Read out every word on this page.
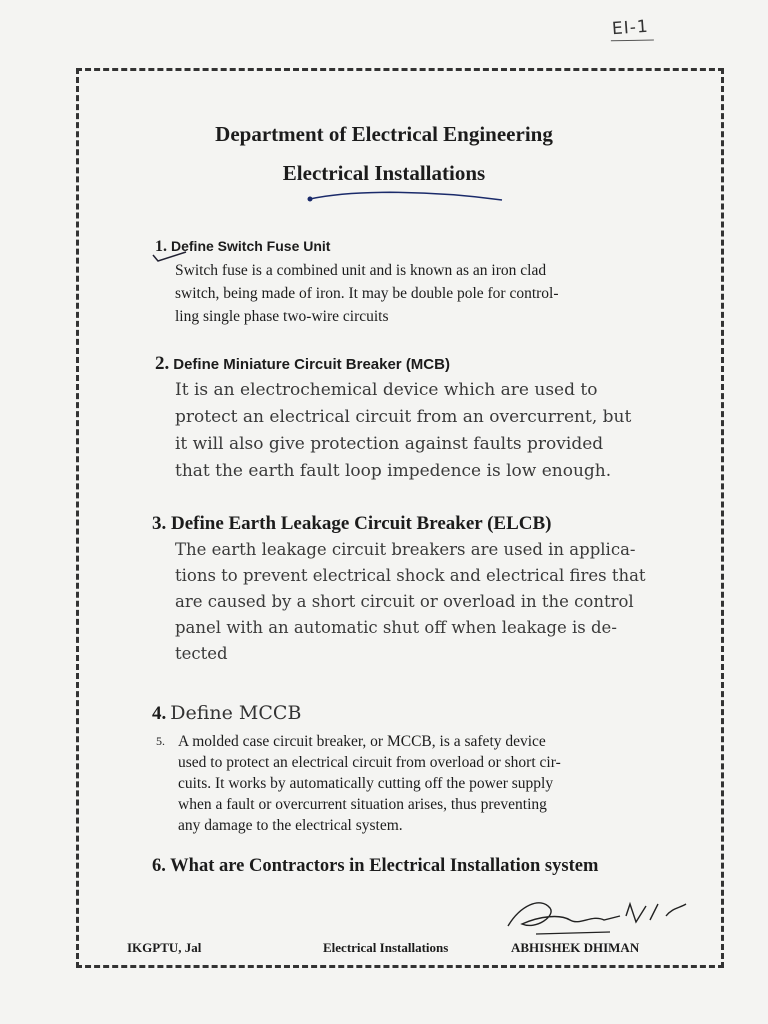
EI-1
Department of Electrical Engineering
Electrical Installations
1. Define Switch Fuse Unit
Switch fuse is a combined unit and is known as an iron clad
switch, being made of iron. It may be double pole for control-
ling single phase two-wire circuits
2. Define Miniature Circuit Breaker (MCB)
It is an electrochemical device which are used to
protect an electrical circuit from an overcurrent, but
it will also give protection against faults provided
that the earth fault loop impedence is low enough.
3. Define Earth Leakage Circuit Breaker (ELCB)
The earth leakage circuit breakers are used in applica-
tions to prevent electrical shock and electrical fires that
are caused by a short circuit or overload in the control
panel with an automatic shut off when leakage is de-
tected
4. Define MCCB
5. A molded case circuit breaker, or MCCB, is a safety device
used to protect an electrical circuit from overload or short cir-
cuits. It works by automatically cutting off the power supply
when a fault or overcurrent situation arises, thus preventing
any damage to the electrical system.
6. What are Contractors in Electrical Installation system
IKGPTU, Jal	Electrical Installations	ABHISHEK DHIMAN
